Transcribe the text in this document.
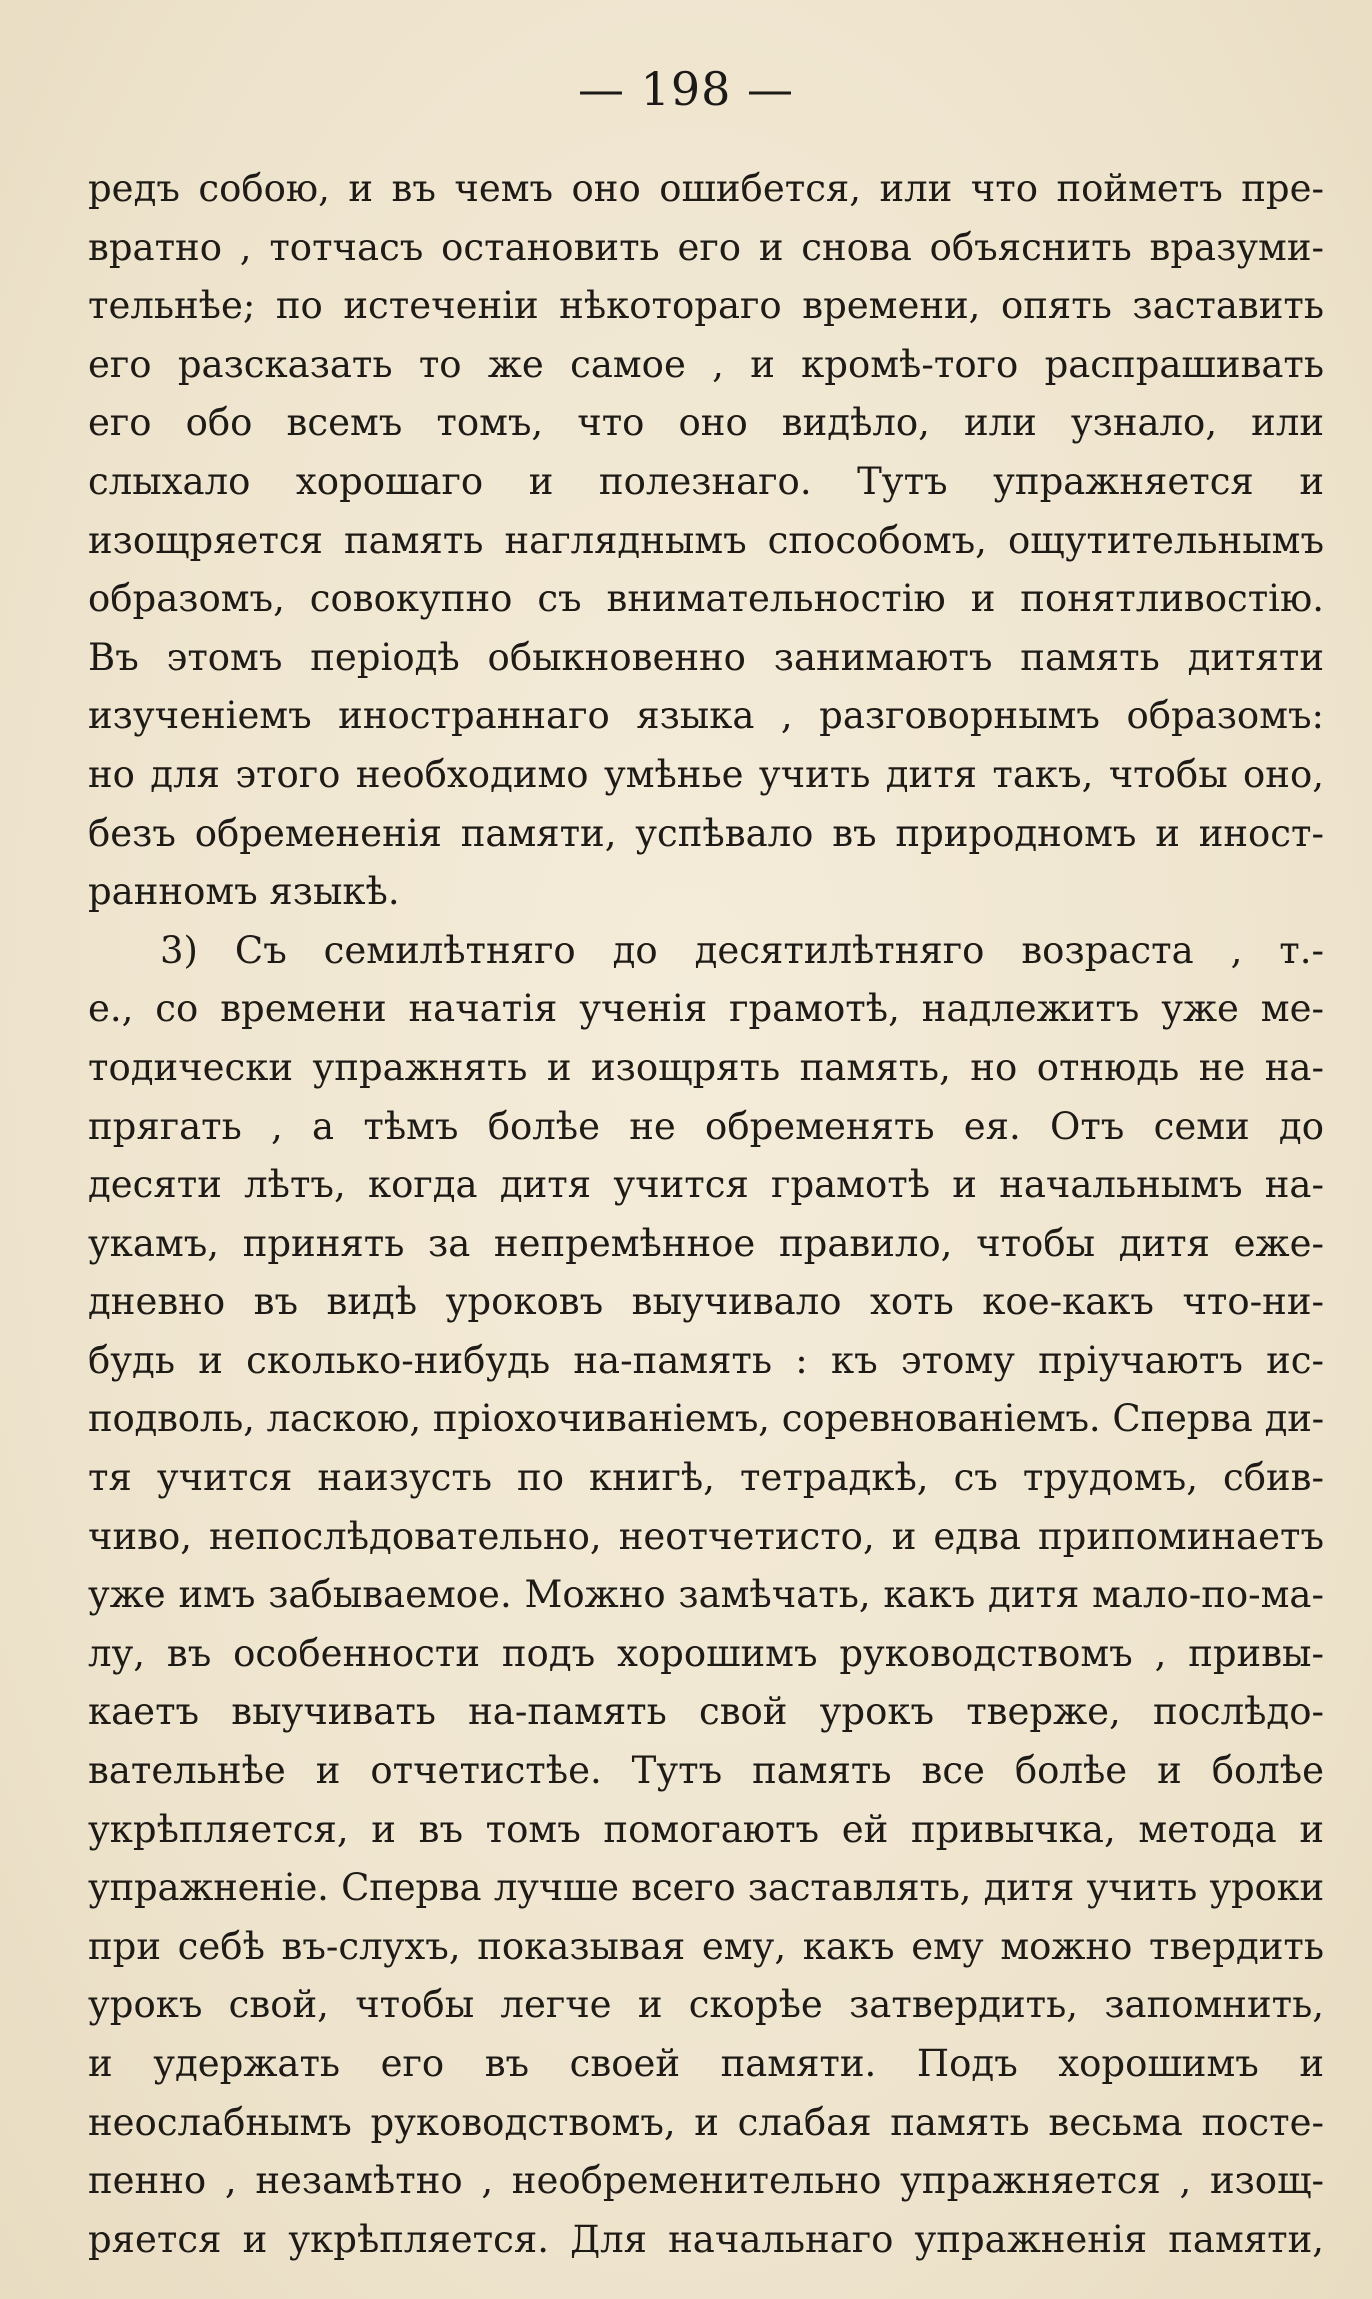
— 198 —
редъ собою, и въ чемъ оно ошибется, или что пойметъ пре-
вратно , тотчасъ остановить его и снова объяснить вразуми-
тельнѣе; по истеченіи нѣкотораго времени, опять заставить
его разсказать то же самое , и кромѣ-того распрашивать
его обо всемъ томъ, что оно видѣло, или узнало, или
слыхало хорошаго и полезнаго. Тутъ упражняется и
изощряется память нагляднымъ способомъ, ощутительнымъ
образомъ, совокупно съ внимательностію и понятливостію.
Въ этомъ періодѣ обыкновенно занимаютъ память дитяти
изученіемъ иностраннаго языка , разговорнымъ образомъ:
но для этого необходимо умѣнье учить дитя такъ, чтобы оно,
безъ обремененія памяти, успѣвало въ природномъ и иност-
ранномъ языкѣ.
3) Съ семилѣтняго до десятилѣтняго возраста , т.-
е., со времени начатія ученія грамотѣ, надлежитъ уже ме-
тодически упражнять и изощрять память, но отнюдь не на-
прягать , а тѣмъ болѣе не обременять ея. Отъ семи до
десяти лѣтъ, когда дитя учится грамотѣ и начальнымъ на-
укамъ, принять за непремѣнное правило, чтобы дитя еже-
дневно въ видѣ уроковъ выучивало хоть кое-какъ что-ни-
будь и сколько-нибудь на-память : къ этому пріучаютъ ис-
подволь, ласкою, пріохочиваніемъ, соревнованіемъ. Сперва ди-
тя учится наизусть по книгѣ, тетрадкѣ, съ трудомъ, сбив-
чиво, непослѣдовательно, неотчетисто, и едва припоминаетъ
уже имъ забываемое. Можно замѣчать, какъ дитя мало-по-ма-
лу, въ особенности подъ хорошимъ руководствомъ , привы-
каетъ выучивать на-память свой урокъ тверже, послѣдо-
вательнѣе и отчетистѣе. Тутъ память все болѣе и болѣе
укрѣпляется, и въ томъ помогаютъ ей привычка, метода и
упражненіе. Сперва лучше всего заставлять, дитя учить уроки
при себѣ въ-слухъ, показывая ему, какъ ему можно твердить
урокъ свой, чтобы легче и скорѣе затвердить, запомнить,
и удержать его въ своей памяти. Подъ хорошимъ и
неослабнымъ руководствомъ, и слабая память весьма посте-
пенно , незамѣтно , необременительно упражняется , изощ-
ряется и укрѣпляется. Для начальнаго упражненія памяти,
